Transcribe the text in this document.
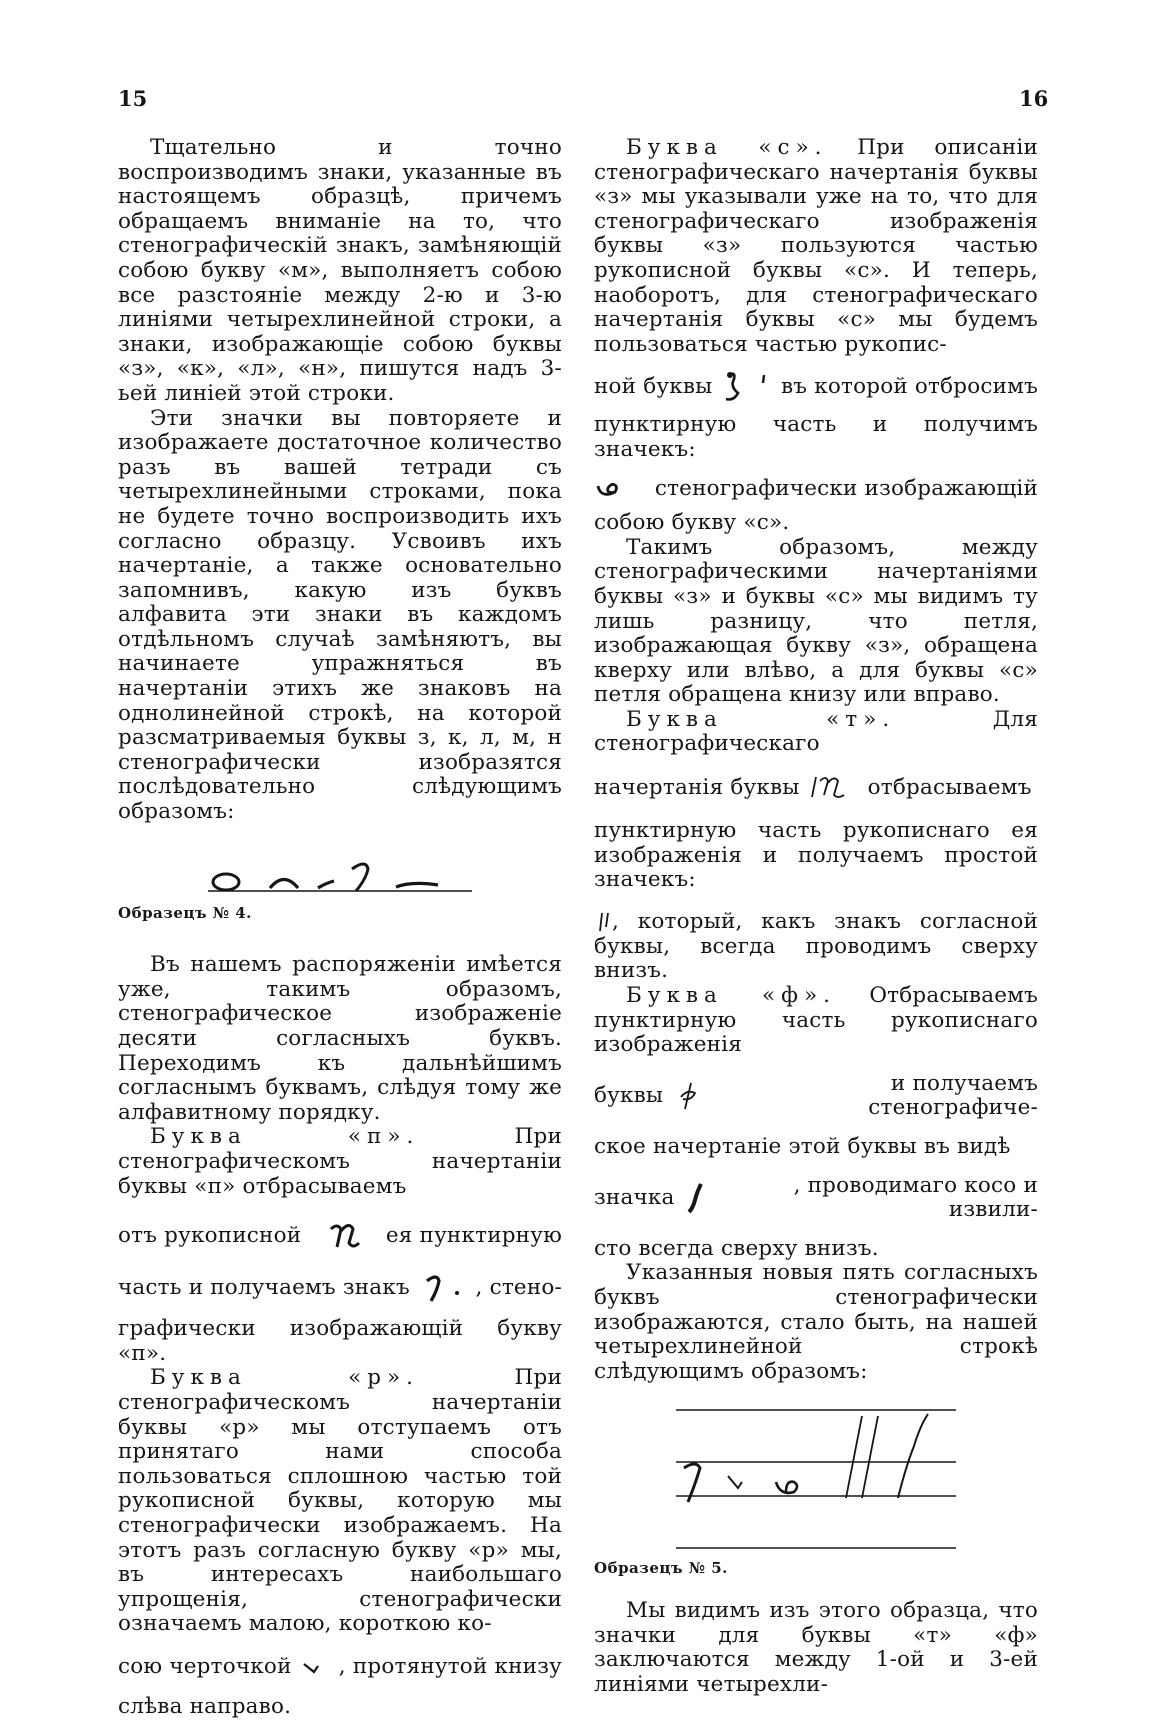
15	16

Тщательно и точно воспроизводимъ знаки, указанные въ настоящемъ образцѣ, причемъ обращаемъ вниманіе на то, что стенографическій знакъ, замѣняющій собою букву «м», выполняетъ собою все разстояніе между 2-ю и 3-ю линіями четырехлинейной строки, а знаки, изображающіе собою буквы «з», «к», «л», «н», пишутся надъ 3-ьей линіей этой строки.

Эти значки вы повторяете и изображаете достаточное количество разъ въ вашей тетради съ четырехлинейными строками, пока не будете точно воспроизводить ихъ согласно образцу. Усвоивъ ихъ начертаніе, а также основательно запомнивъ, какую изъ буквъ алфавита эти знаки въ каждомъ отдѣльномъ случаѣ замѣняютъ, вы начинаете упражняться въ начертаніи этихъ же знаковъ на однолинейной строкѣ, на которой разсматриваемыя буквы з, к, л, м, н стенографически изобразятся послѣдовательно слѣдующимъ образомъ:

Образецъ № 4.

Въ нашемъ распоряженіи имѣется уже, такимъ образомъ, стенографическое изображеніе десяти согласныхъ буквъ. Переходимъ къ дальнѣйшимъ согласнымъ буквамъ, слѣдуя тому же алфавитному порядку.

Буква «п».	При стенографическомъ начертаніи буквы «п» отбрасываемъ

отъ рукописной	ея пунктирную

часть и получаемъ знакъ	, стено-

графически изображающій букву «п».

Буква «р».	При стенографическомъ начертаніи буквы «р» мы отступаемъ отъ принятаго нами способа пользоваться сплошною частью той рукописной буквы, которую мы стенографически изображаемъ. На этотъ разъ согласную букву «р» мы, въ интересахъ наибольшаго упрощенія, стенографически означаемъ малою, короткою ко-

сою черточкой , протянутой книзу

слѣва направо.

Буква «с». При описаніи стенографическаго начертанія буквы «з» мы указывали уже на то, что для стенографическаго изображенія буквы «з» пользуются частью рукописной буквы «с». И теперь, наоборотъ, для стенографическаго начертанія буквы «с» мы будемъ пользоваться частью рукопис-

ной буквы	въ которой отбросимъ

пунктирную часть и получимъ значекъ:

стенографически изображающій

собою букву «с».

Такимъ образомъ, между стенографическими начертаніями буквы «з» и буквы «с» мы видимъ ту лишь разницу, что петля, изображающая букву «з», обращена кверху или влѣво, а для буквы «с» петля обращена книзу или вправо.

Буква «т».	Для стенографическаго

начертанія буквы	отбрасываемъ

пунктирную часть рукописнаго ея изображенія и получаемъ простой значекъ:

, который, какъ знакъ согласной

буквы, всегда проводимъ сверху внизъ.

Буква «ф». Отбрасываемъ пунктирную часть рукописнаго изображенія

буквы	и получаемъ стенографиче-

ское начертаніе этой буквы въ видѣ

значка	, проводимаго косо и извили-

сто всегда сверху внизъ.

Указанныя новыя пять согласныхъ буквъ стенографически изображаются, стало быть, на нашей четырехлинейной строкѣ слѣдующимъ образомъ:

Образецъ № 5.

Мы видимъ изъ этого образца, что значки для буквы «т» «ф» заключаются между 1-ой и 3-ей линіями четырехли-
